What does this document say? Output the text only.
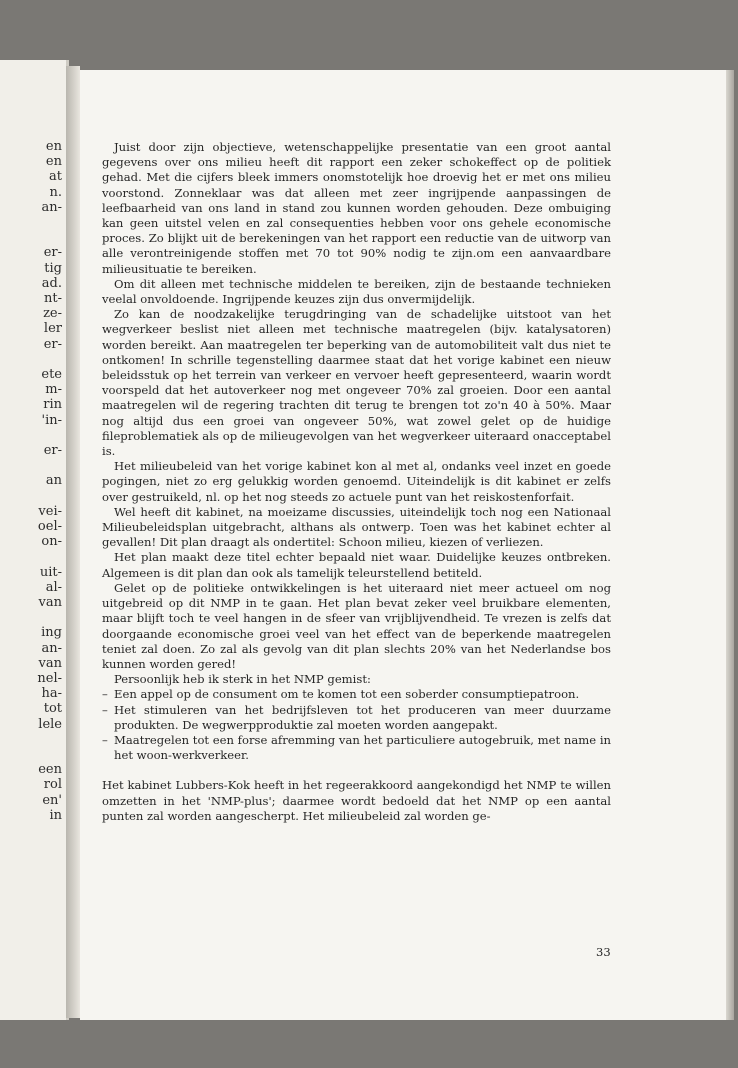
en
en
at
n.
an-
er-
tig
ad.
nt-
ze-
ler
er-
ete
m-
rin
'in-
er-
an
vei-
oel-
on-
uit-
al-
van
ing
an-
van
nel-
ha-
tot
lele
een
rol
en'
in

Juist door zijn objectieve, wetenschappelijke presentatie van een groot aantal gegevens over ons milieu heeft dit rapport een zeker schokeffect op de politiek gehad. Met die cijfers bleek immers onomstotelijk hoe droevig het er met ons milieu voorstond. Zonneklaar was dat alleen met zeer ingrijpende aanpassingen de leefbaarheid van ons land in stand zou kunnen worden gehouden. Deze ombuiging kan geen uitstel velen en zal consequenties hebben voor ons gehele economische proces. Zo blijkt uit de berekeningen van het rapport een reductie van de uitworp van alle verontreinigende stoffen met 70 tot 90% nodig te zijn.om een aanvaardbare milieusituatie te bereiken.

Om dit alleen met technische middelen te bereiken, zijn de bestaande technieken veelal onvoldoende. Ingrijpende keuzes zijn dus onvermijdelijk.

Zo kan de noodzakelijke terugdringing van de schadelijke uitstoot van het wegverkeer beslist niet alleen met technische maatregelen (bijv. katalysatoren) worden bereikt. Aan maatregelen ter beperking van de automobiliteit valt dus niet te ontkomen! In schrille tegenstelling daarmee staat dat het vorige kabinet een nieuw beleidsstuk op het terrein van verkeer en vervoer heeft gepresenteerd, waarin wordt voorspeld dat het autoverkeer nog met ongeveer 70% zal groeien. Door een aantal maatregelen wil de regering trachten dit terug te brengen tot zo'n 40 à 50%. Maar nog altijd dus een groei van ongeveer 50%, wat zowel gelet op de huidige fileproblematiek als op de milieugevolgen van het wegverkeer uiteraard onacceptabel is.

Het milieubeleid van het vorige kabinet kon al met al, ondanks veel inzet en goede pogingen, niet zo erg gelukkig worden genoemd. Uiteindelijk is dit kabinet er zelfs over gestruikeld, nl. op het nog steeds zo actuele punt van het reiskostenforfait.

Wel heeft dit kabinet, na moeizame discussies, uiteindelijk toch nog een Nationaal Milieubeleidsplan uitgebracht, althans als ontwerp. Toen was het kabinet echter al gevallen! Dit plan draagt als ondertitel: Schoon milieu, kiezen of verliezen.

Het plan maakt deze titel echter bepaald niet waar. Duidelijke keuzes ontbreken. Algemeen is dit plan dan ook als tamelijk teleurstellend betiteld.

Gelet op de politieke ontwikkelingen is het uiteraard niet meer actueel om nog uitgebreid op dit NMP in te gaan. Het plan bevat zeker veel bruikbare elementen, maar blijft toch te veel hangen in de sfeer van vrijblijvendheid. Te vrezen is zelfs dat doorgaande economische groei veel van het effect van de beperkende maatregelen teniet zal doen. Zo zal als gevolg van dit plan slechts 20% van het Nederlandse bos kunnen worden gered!

Persoonlijk heb ik sterk in het NMP gemist:

– Een appel op de consument om te komen tot een soberder consumptiepatroon.
– Het stimuleren van het bedrijfsleven tot het produceren van meer duurzame produkten. De wegwerpproduktie zal moeten worden aangepakt.
– Maatregelen tot een forse afremming van het particuliere autogebruik, met name in het woon-werkverkeer.

Het kabinet Lubbers-Kok heeft in het regeerakkoord aangekondigd het NMP te willen omzetten in het 'NMP-plus'; daarmee wordt bedoeld dat het NMP op een aantal punten zal worden aangescherpt. Het milieubeleid zal worden ge-

33
